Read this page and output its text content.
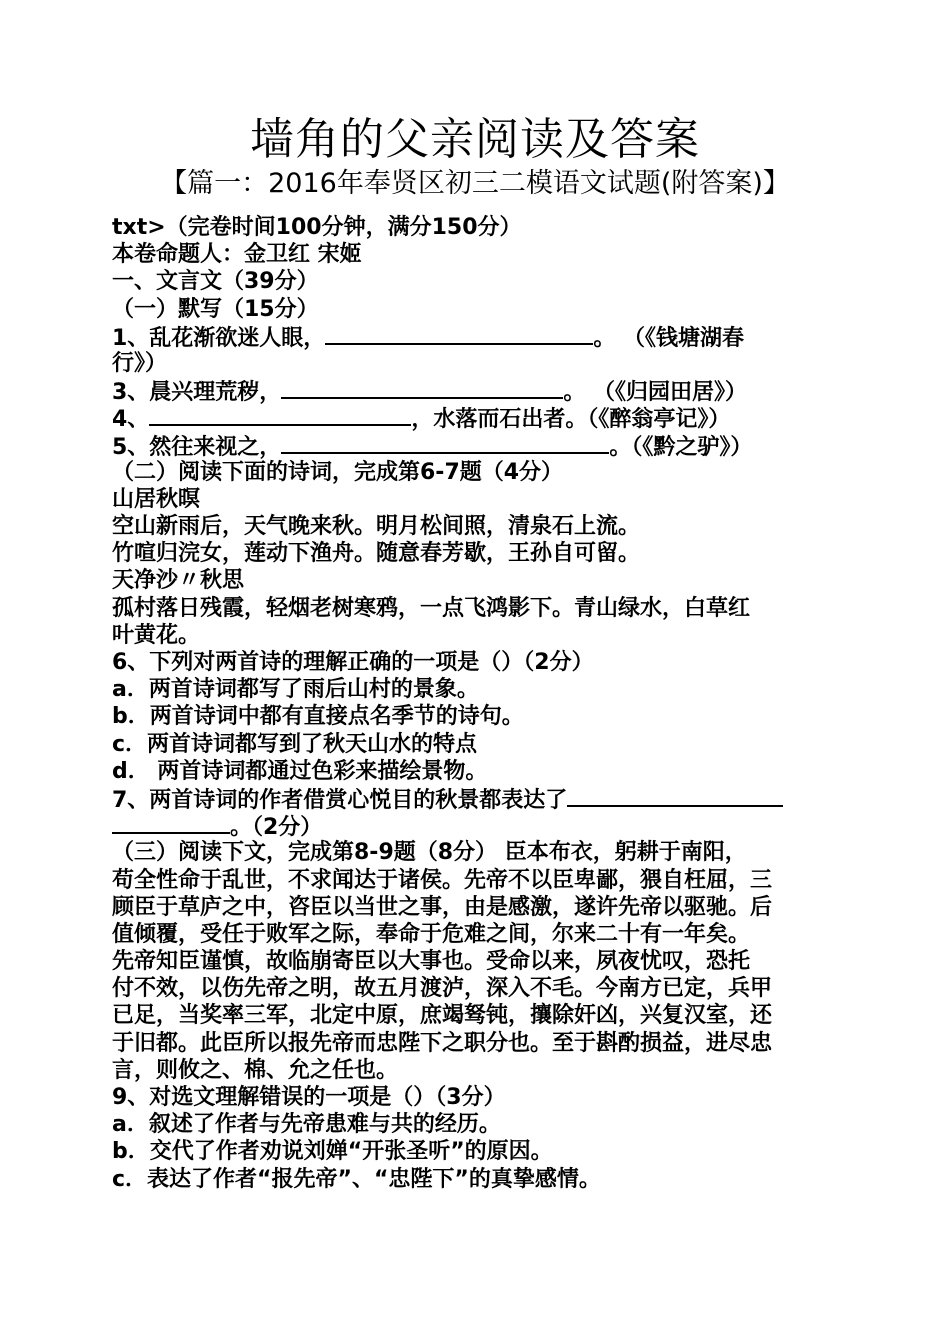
墙角的父亲阅读及答案
【篇一：2016年奉贤区初三二模语文试题(附答案)】
txt>（完卷时间100分钟，满分150分）
本卷命题人：金卫红 宋姬
一、文言文（39分）
（一）默写（15分）
1、乱花渐欲迷人眼，	。 （《钱塘湖春
行》）
3、晨兴理荒秽，	。 （《归园田居》）
4、	，水落而石出者。（《醉翁亭记》）
5、然往来视之，	。（《黔之驴》）
（二）阅读下面的诗词，完成第6-7题（4分）
山居秋暝
空山新雨后，天气晚来秋。明月松间照，清泉石上流。
竹喧归浣女，莲动下渔舟。随意春芳歇，王孙自可留。
天净沙〃秋思
孤村落日残霞，轻烟老树寒鸦，一点飞鸿影下。青山绿水，白草红
叶黄花。
6、下列对两首诗的理解正确的一项是（）（2分）
a．两首诗词都写了雨后山村的景象。
b．两首诗词中都有直接点名季节的诗句。
c．两首诗词都写到了秋天山水的特点
d． 两首诗词都通过色彩来描绘景物。
7、两首诗词的作者借赏心悦目的秋景都表达了
。（2分）
（三）阅读下文，完成第8-9题（8分） 臣本布衣，躬耕于南阳，
苟全性命于乱世，不求闻达于诸侯。先帝不以臣卑鄙，猥自枉屈，三
顾臣于草庐之中，咨臣以当世之事，由是感激，遂许先帝以驱驰。后
值倾覆，受任于败军之际，奉命于危难之间，尔来二十有一年矣。
先帝知臣谨慎，故临崩寄臣以大事也。受命以来，夙夜忧叹，恐托
付不效，以伤先帝之明，故五月渡泸，深入不毛。今南方已定，兵甲
已足，当奖率三军，北定中原，庶竭驽钝，攘除奸凶，兴复汉室，还
于旧都。此臣所以报先帝而忠陛下之职分也。至于斟酌损益，进尽忠
言，则攸之、棉、允之任也。
9、对选文理解错误的一项是（）（3分）
a．叙述了作者与先帝患难与共的经历。
b．交代了作者劝说刘婵“开张圣听”的原因。
c．表达了作者“报先帝”、“忠陛下”的真挚感情。
